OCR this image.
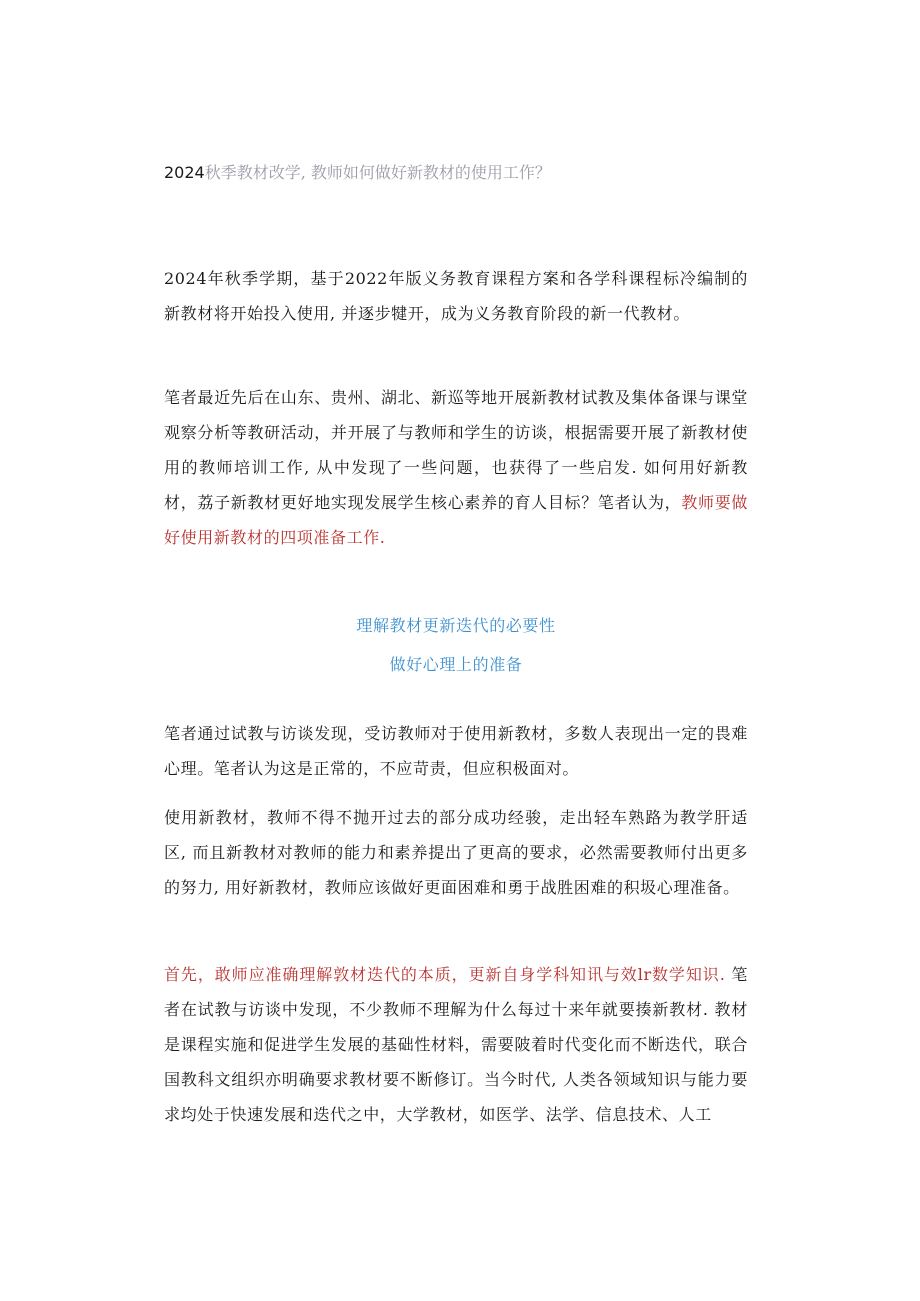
2024秋季教材改学, 教师如何做好新教材的使用工作？

2024年秋季学期，基于2022年版义务教育课程方案和各学科课程标冷编制的新教材将开始投入使用, 并逐步犍开，成为义务教育阶段的新一代教材。

笔者最近先后在山东、贵州、湖北、新巡等地开展新教材试教及集体备课与课堂观察分析等教研活动，并开展了与教师和学生的访谈，根据需要开展了新教材使用的教师培训工作, 从中发现了一些问题，也获得了一些启发. 如何用好新教材，荔子新教材更好地实现发展学生核心素养的育人目标？笔者认为，教师要做好使用新教材的四项准备工作.

理解教材更新迭代的必要性
做好心理上的准备

笔者通过试教与访谈发现，受访教师对于使用新教材，多数人表现出一定的畏难心理。笔者认为这是正常的，不应苛责，但应积极面对。

使用新教材，教师不得不抛开过去的部分成功经骏，走出轻车熟路为教学肝适区, 而且新教材对教师的能力和素养提出了更高的要求，必然需要教师付出更多的努力, 用好新教材，教师应该做好更面困难和勇于战胜困难的积圾心理准备。

首先，敢师应准确理解敦材迭代的本质，更新自身学科知讯与效lr数学知识. 笔者在试教与访谈中发现，不少教师不理解为什么每过十来年就要揍新教材. 教材是课程实施和促进学生发展的基础性材料，需要陂着时代变化而不断迭代，联合国教科文组织亦明确要求教材要不断修订。当今时代, 人类各领域知识与能力要求均处于快速发展和迭代之中，大学教材，如医学、法学、信息技术、人工
